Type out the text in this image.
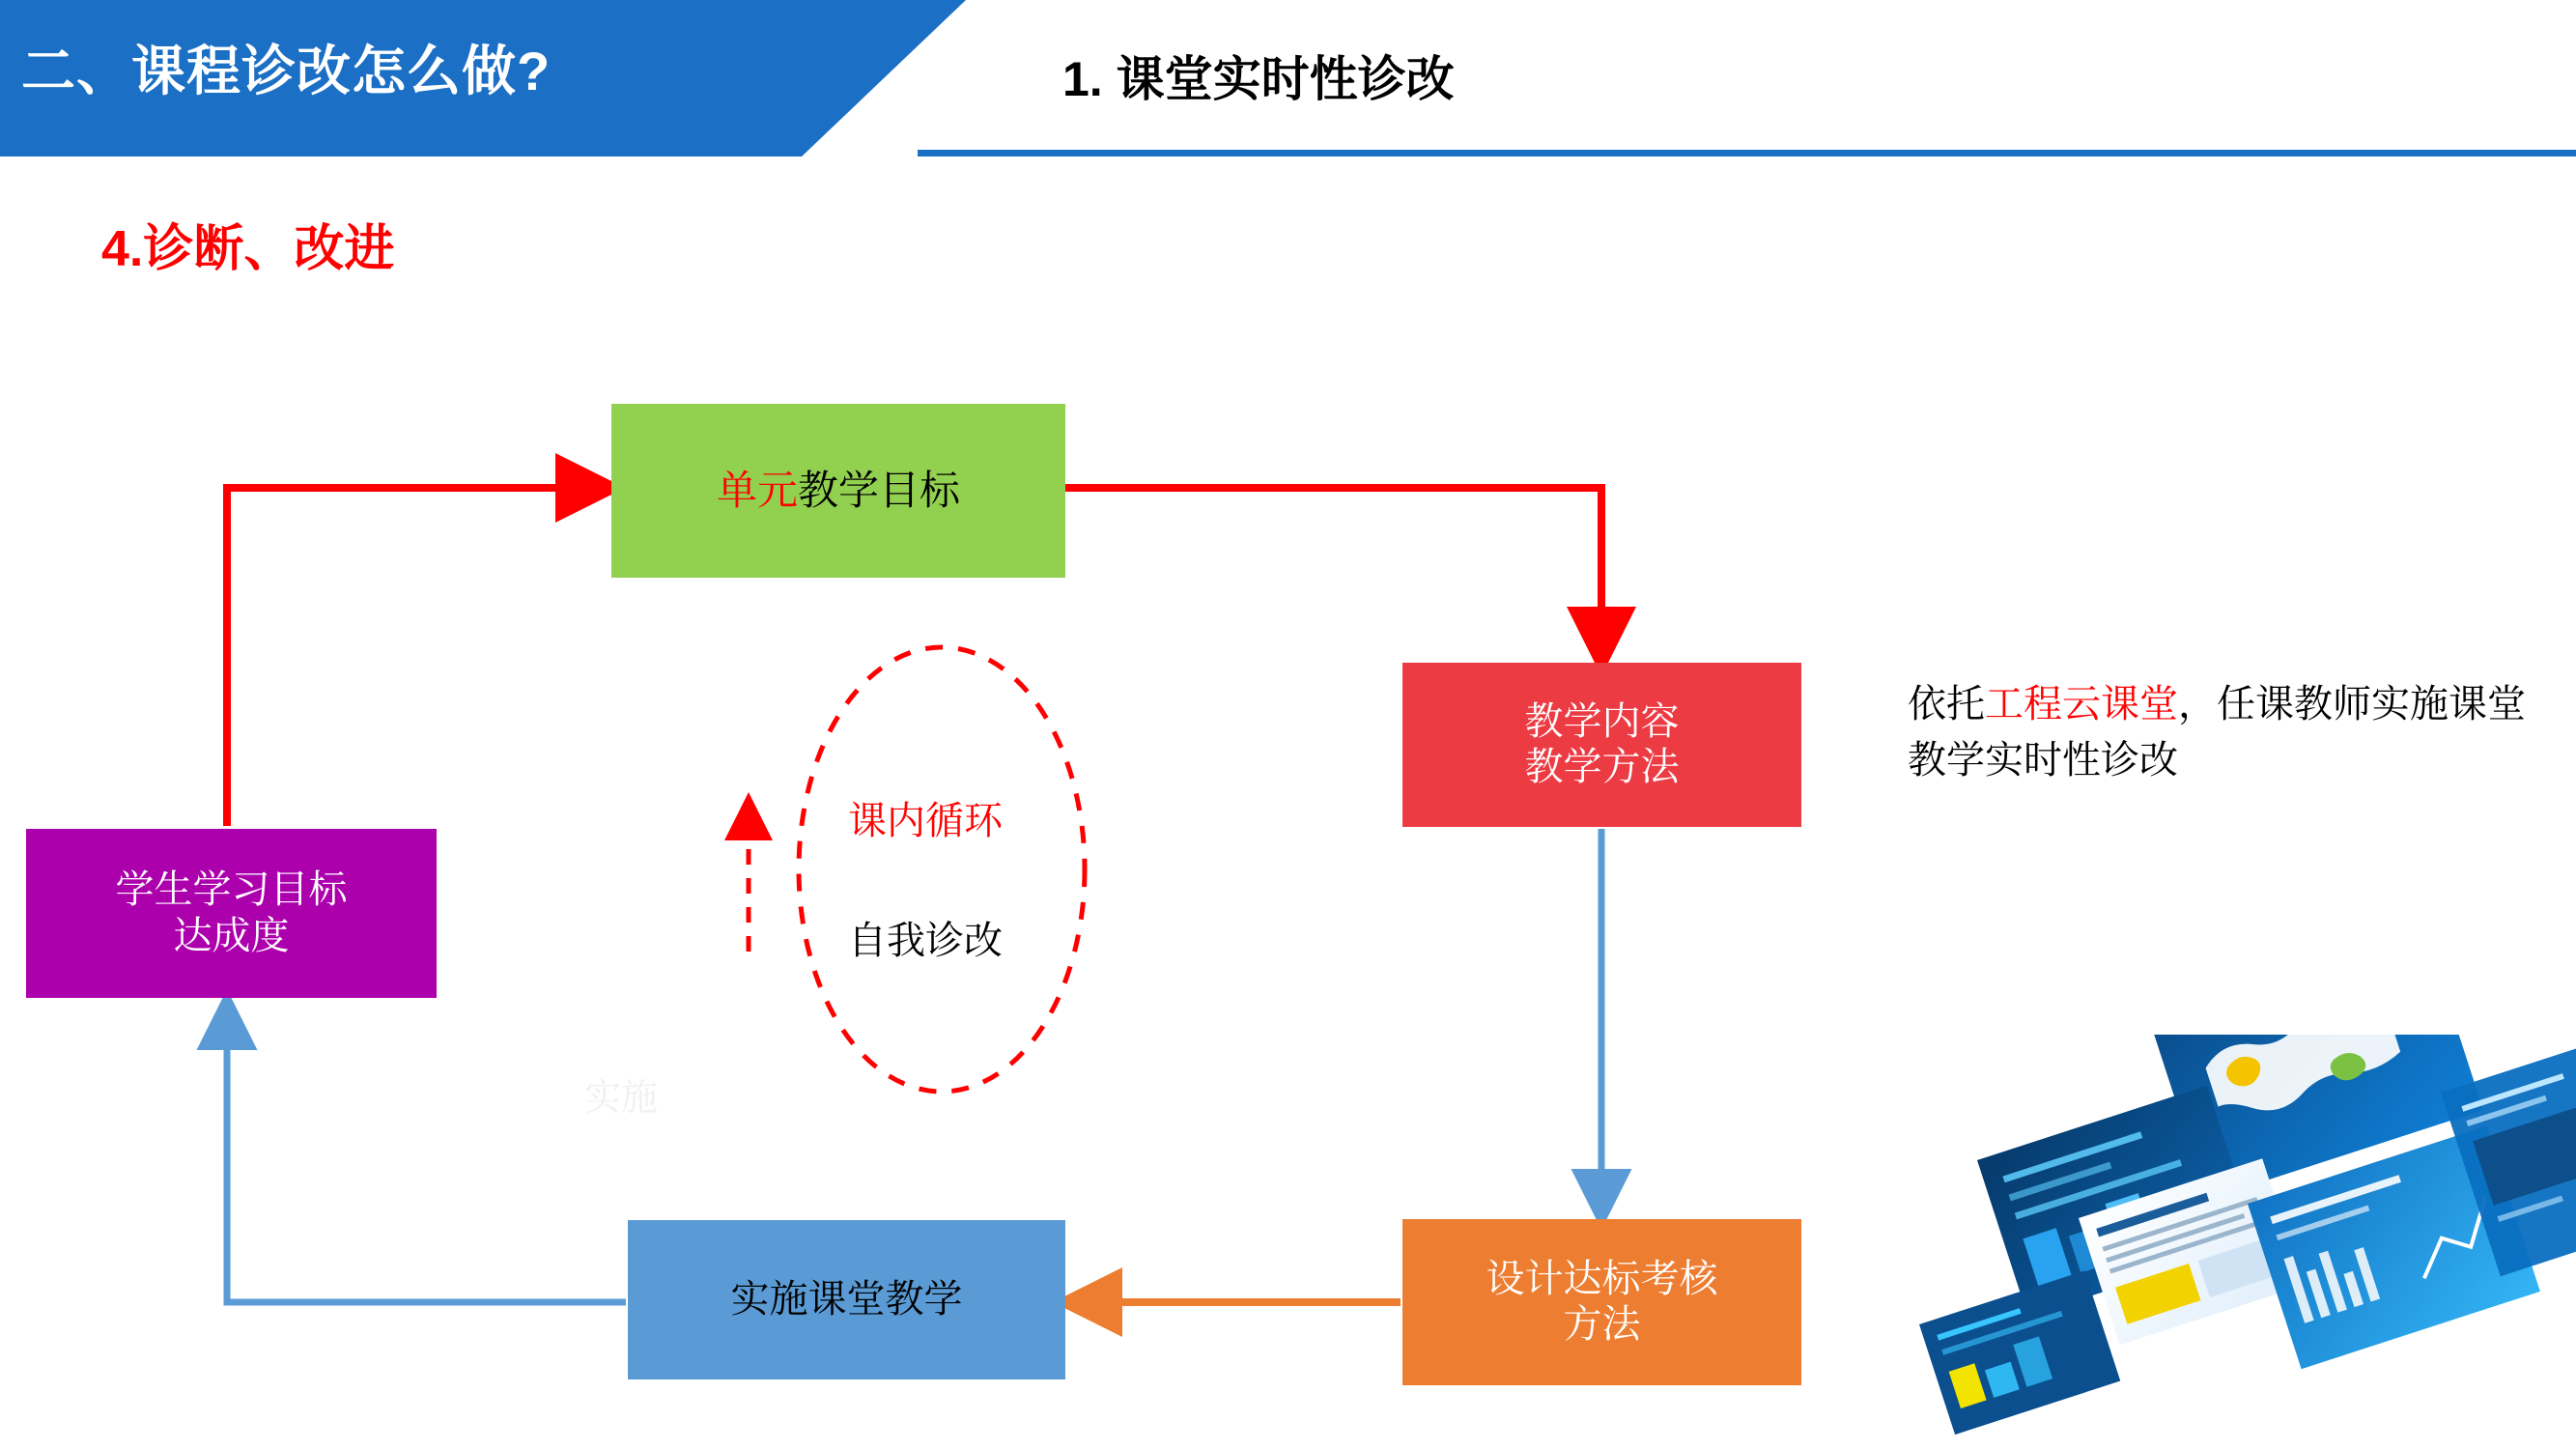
二、课程诊改怎么做?	1. 课堂实时性诊改
4.诊断、改进
单元教学目标
教学内容
教学方法
学生学习目标
达成度
实施课堂教学	设计达标考核
方法
课内循环
自我诊改
实施
依托工程云课堂，任课教师实施课堂教学实时性诊改
